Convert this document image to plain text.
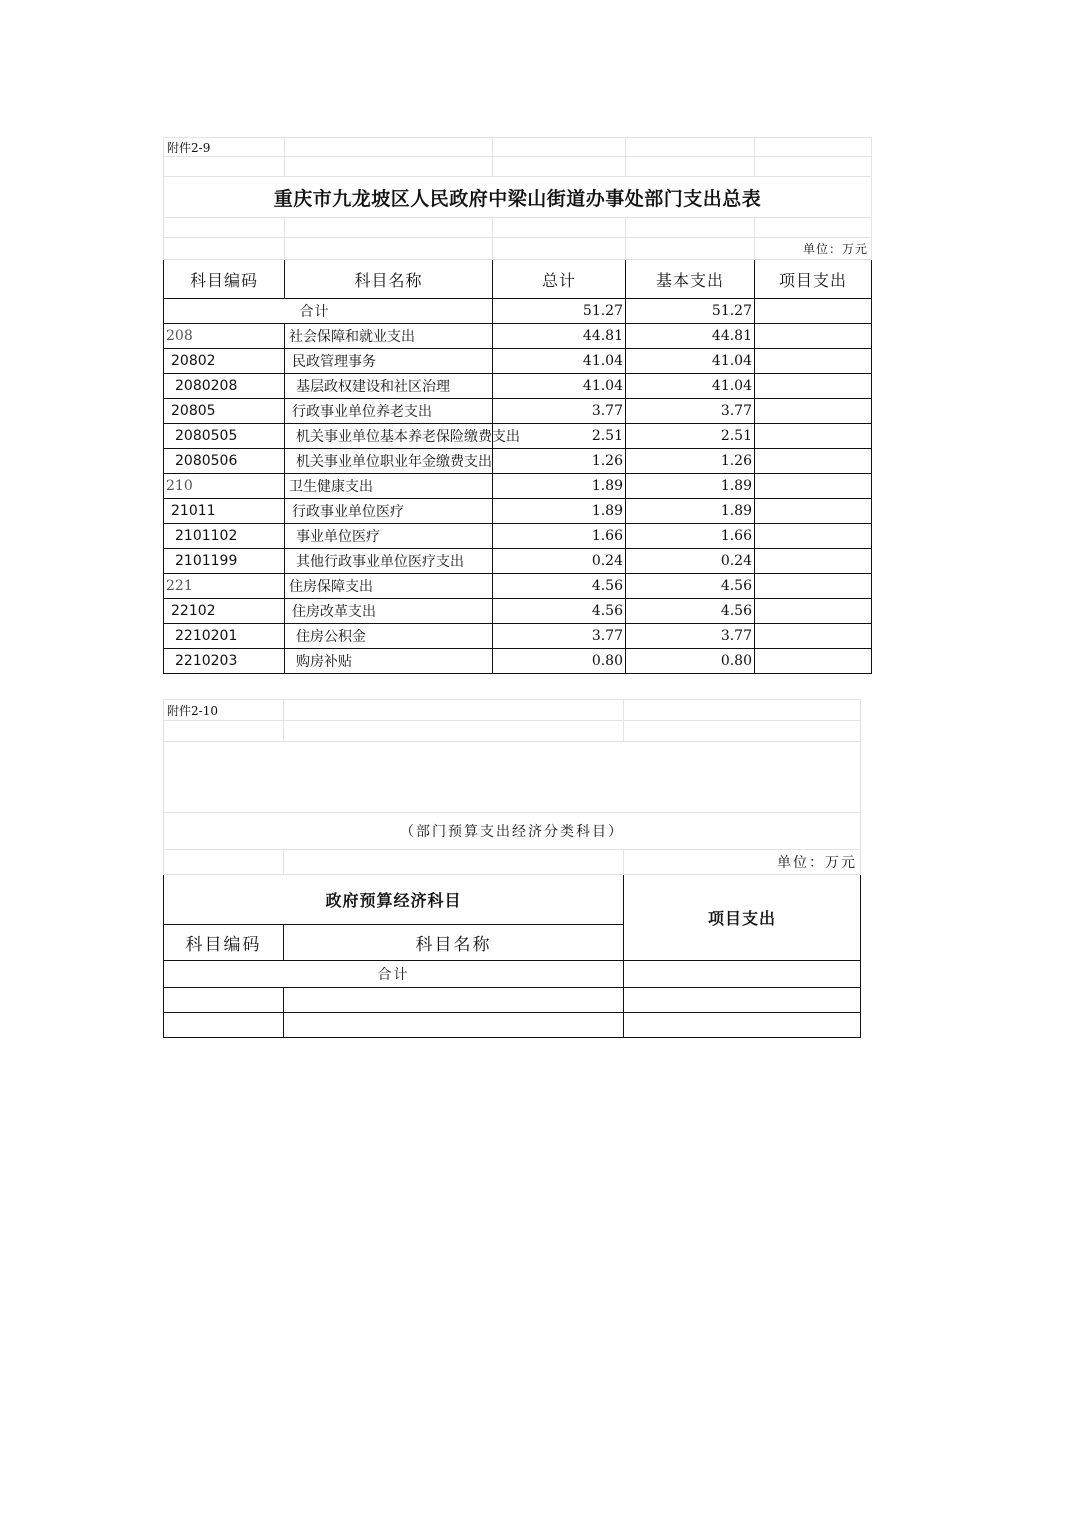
附件2-9				

重庆市九龙坡区人民政府中梁山街道办事处部门支出总表				

				单位：万元
科目编码	科目名称	总计	基本支出	项目支出
合计		51.27	51.27	
208	社会保障和就业支出	44.81	44.81	
20802	民政管理事务	41.04	41.04	
2080208	基层政权建设和社区治理	41.04	41.04	
20805	行政事业单位养老支出	3.77	3.77	
2080505	机关事业单位基本养老保险缴费支出	2.51	2.51	
2080506	机关事业单位职业年金缴费支出	1.26	1.26	
210	卫生健康支出	1.89	1.89	
21011	行政事业单位医疗	1.89	1.89	
2101102	事业单位医疗	1.66	1.66	
2101199	其他行政事业单位医疗支出	0.24	0.24	
221	住房保障支出	4.56	4.56	
22102	住房改革支出	4.56	4.56	
2210201	住房公积金	3.77	3.77	
2210203	购房补贴	0.80	0.80	
附件2-10		

（部门预算支出经济分类科目）		
		单位：万元
政府预算经济科目		项目支出
科目编码	科目名称	
合计		
